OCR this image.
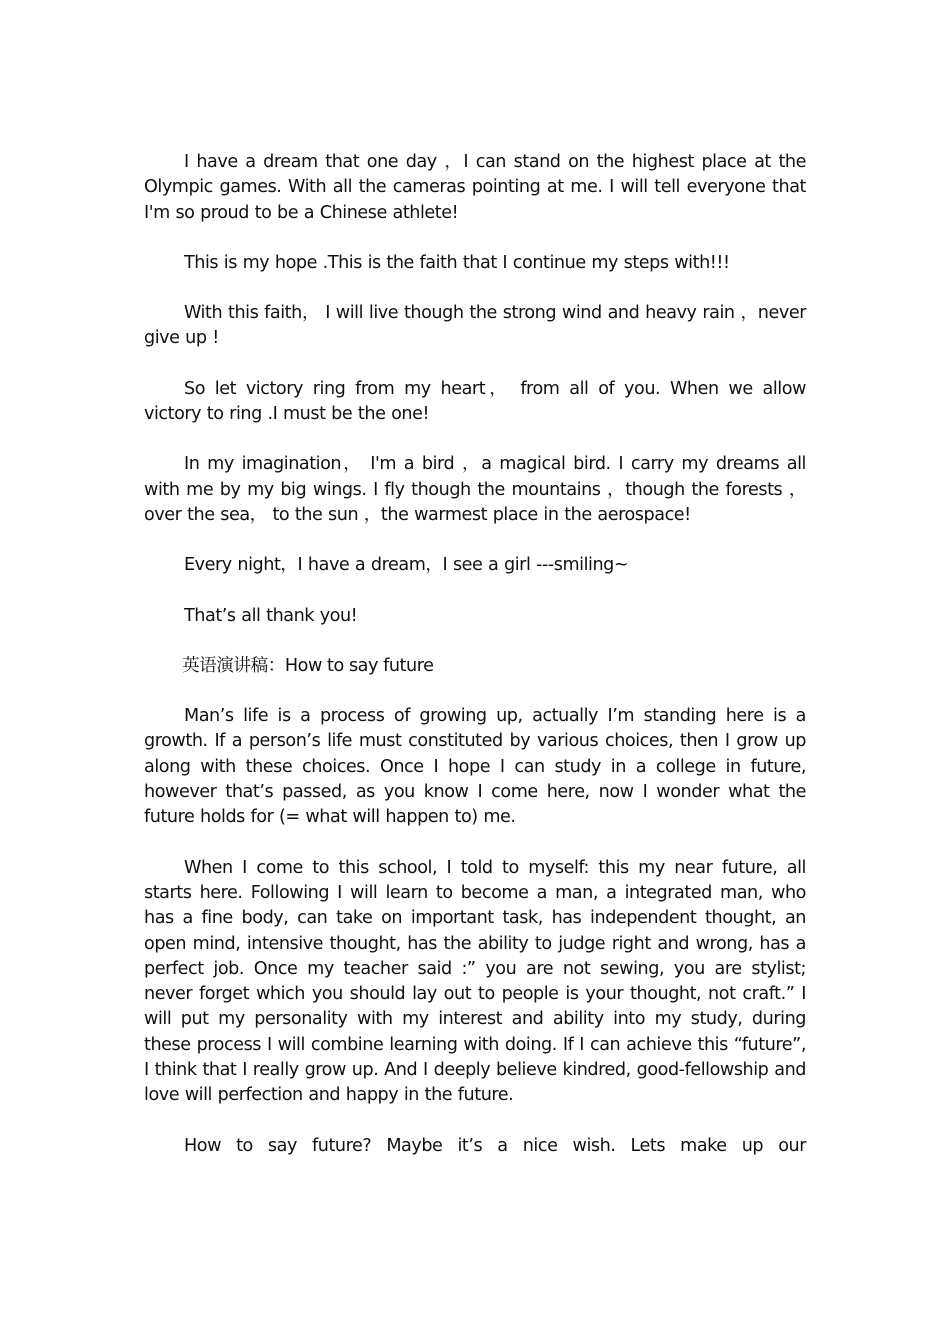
I have a dream that one day ，I can stand on the highest place at the Olympic games. With all the cameras pointing at me. I will tell everyone that I'm so proud to be a Chinese athlete!

This is my hope .This is the faith that I continue my steps with!!!

With this faith， I will live though the strong wind and heavy rain ，never give up !

So let victory ring from my heart， from all of you. When we allow victory to ring .I must be the one!

In my imagination， I'm a bird ，a magical bird. I carry my dreams all with me by my big wings. I fly though the mountains ，though the forests ，over the sea， to the sun ，the warmest place in the aerospace!

Every night，I have a dream，I see a girl ---smiling~

That’s all thank you!

英语演讲稿：How to say future

Man’s life is a process of growing up, actually I’m standing here is a growth. If a person’s life must constituted by various choices, then I grow up along with these choices. Once I hope I can study in a college in future, however that’s passed, as you know I come here, now I wonder what the future holds for (= what will happen to) me.

When I come to this school, I told to myself: this my near future, all starts here. Following I will learn to become a man, a integrated man, who has a fine body, can take on important task, has independent thought, an open mind, intensive thought, has the ability to judge right and wrong, has a perfect job. Once my teacher said :” you are not sewing, you are stylist; never forget which you should lay out to people is your thought, not craft.” I will put my personality with my interest and ability into my study, during these process I will combine learning with doing. If I can achieve this “future”, I think that I really grow up. And I deeply believe kindred, good-fellowship and love will perfection and happy in the future.

How to say future? Maybe it’s a nice wish. Lets make up our
